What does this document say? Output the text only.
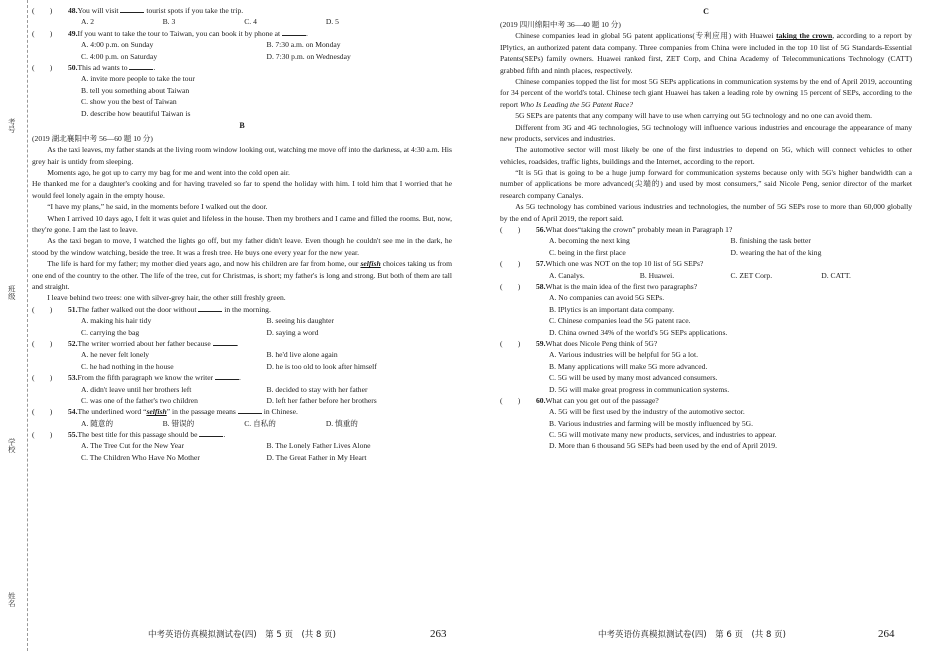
考号
班级
学校
姓名
(　　)	48.You will visit	tourist spots if you take the trip.
A. 2	B. 3	C. 4	D. 5
(　　)	49.If you want to take the tour to Taiwan, you can book it by phone at	.
A. 4:00 p.m. on Sunday	B. 7:30 a.m. on Monday
C. 4:00 p.m. on Saturday	D. 7:30 p.m. on Wednesday
(　　)	50.This ad wants to	.
A. invite more people to take the tour
B. tell you something about Taiwan
C. show you the best of Taiwan
D. describe how beautiful Taiwan is
B
(2019 湖北襄阳中考 56—60 题 10 分)

As the taxi leaves, my father stands at the living room window looking out, watching me move off into the darkness, at 4:30 a.m. His grey hair is untidy from sleeping.

Moments ago, he got up to carry my bag for me and went into the cold open air.

He thanked me for a daughter's cooking and for having traveled so far to spend the holiday with him. I told him that I worried that he would feel lonely again in the empty house.

“I have my plans,” he said, in the moments before I walked out the door.

When I arrived 10 days ago, I felt it was quiet and lifeless in the house. Then my brothers and I came and filled the rooms. But, now, they're gone. I am the last to leave.

As the taxi began to move, I watched the lights go off, but my father didn't leave. Even though he couldn't see me in the dark, he stood by the window watching, beside the tree. It was a fresh tree. He buys one every year for the new year.

The life is hard for my father; my mother died years ago, and now his children are far from home, our selfish choices taking us from one end of the country to the other. The life of the tree, cut for Christmas, is short; my father's is long and strong. But both of them are tall and straight.

I leave behind two trees: one with silver-grey hair, the other still freshly green.

(　　)	51.The father walked out the door without	in the morning.
A. making his hair tidy	B. seeing his daughter
C. carrying the bag	D. saying a word
(　　)	52.The writer worried about her father because	.
A. he never felt lonely	B. he'd live alone again
C. he had nothing in the house	D. he is too old to look after himself
(　　)	53.From the fifth paragraph we know the writer	.
A. didn't leave until her brothers left	B. decided to stay with her father
C. was one of the father's two children	D. left her father before her brothers
(　　)	54.The underlined word “selfish” in the passage means	in Chinese.
A. 随意的	B. 错误的	C. 自私的	D. 慎重的
(　　)	55.The best title for this passage should be	.
A. The Tree Cut for the New Year	B. The Lonely Father Lives Alone
C. The Children Who Have No Mother	D. The Great Father in My Heart
中考英语仿真模拟测试卷(四)　第 5 页　(共 8 页)	263
C
(2019 四川绵阳中考 36—40 题 10 分)

Chinese companies lead in global 5G patent applications(专利应用) with Huawei taking the crown, according to a report by IPlytics, an authorized patent data company. Three companies from China were included in the top 10 list of 5G Standards-Essential Patents(SEPs) family owners. Huawei ranked first, ZET Corp, and China Academy of Telecommunications Technology (CATT) grabbed fifth and ninth places, respectively.

Chinese companies topped the list for most 5G SEPs applications in communication systems by the end of April 2019, accounting for 34 percent of the world's total. Chinese tech giant Huawei has taken a leading role by owning 15 percent of SEPs, according to the report Who Is Leading the 5G Patent Race?

5G SEPs are patents that any company will have to use when carrying out 5G technology and no one can avoid them.

Different from 3G and 4G technologies, 5G technology will influence various industries and encourage the appearance of many new products, services and industries.

The automotive sector will most likely be one of the first industries to depend on 5G, which will connect vehicles to other vehicles, roadsides, traffic lights, buildings and the Internet, according to the report.

“It is 5G that is going to be a huge jump forward for communication systems because only with 5G's higher bandwidth can a number of applications be more advanced(尖端的) and used by most consumers,” said Nicole Peng, senior director of the market research company Canalys.

As 5G technology has combined various industries and technologies, the number of 5G SEPs rose to more than 60,000 globally by the end of April 2019, the report said.

(　　)	56.What does“taking the crown” probably mean in Paragraph 1?
A. becoming the next king	B. finishing the task better
C. being in the first place	D. wearing the hat of the king
(　　)	57.Which one was NOT on the top 10 list of 5G SEPs?
A. Canalys.	B. Huawei.	C. ZET Corp.	D. CATT.
(　　)	58.What is the main idea of the first two paragraphs?
A. No companies can avoid 5G SEPs.
B. IPlytics is an important data company.
C. Chinese companies lead the 5G patent race.
D. China owned 34% of the world's 5G SEPs applications.
(　　)	59.What does Nicole Peng think of 5G?
A. Various industries will be helpful for 5G a lot.
B. Many applications will make 5G more advanced.
C. 5G will be used by many most advanced consumers.
D. 5G will make great progress in communication systems.
(　　)	60.What can you get out of the passage?
A. 5G will be first used by the industry of the automotive sector.
B. Various industries and farming will be mostly influenced by 5G.
C. 5G will motivate many new products, services, and industries to appear.
D. More than 6 thousand 5G SEPs had been used by the end of April 2019.
中考英语仿真模拟测试卷(四)　第 6 页　(共 8 页)	264
